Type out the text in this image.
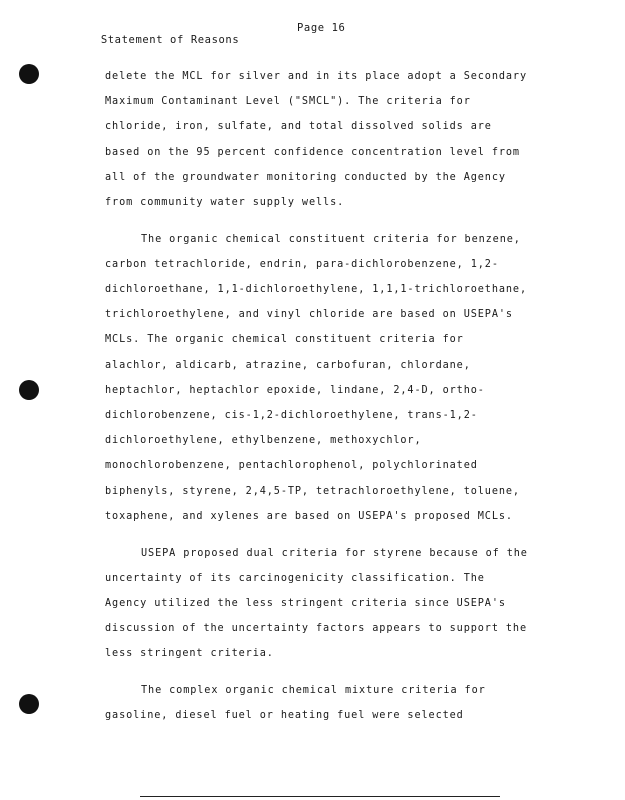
Statement of Reasons

Page 16

delete the MCL for silver and in its place adopt a Secondary
Maximum Contaminant Level ("SMCL"). The criteria for
chloride, iron, sulfate, and total dissolved solids are
based on the 95 percent confidence concentration level from
all of the groundwater monitoring conducted by the Agency
from community water supply wells.
The organic chemical constituent criteria for benzene,
carbon tetrachloride, endrin, para-dichlorobenzene, 1,2-
dichloroethane, 1,1-dichloroethylene, 1,1,1-trichloroethane,
trichloroethylene, and vinyl chloride are based on USEPA's
MCLs. The organic chemical constituent criteria for
alachlor, aldicarb, atrazine, carbofuran, chlordane,
heptachlor, heptachlor epoxide, lindane, 2,4-D, ortho-
dichlorobenzene, cis-1,2-dichloroethylene, trans-1,2-
dichloroethylene, ethylbenzene, methoxychlor,
monochlorobenzene, pentachlorophenol, polychlorinated
biphenyls, styrene, 2,4,5-TP, tetrachloroethylene, toluene,
toxaphene, and xylenes are based on USEPA's proposed MCLs.
USEPA proposed dual criteria for styrene because of the
uncertainty of its carcinogenicity classification. The
Agency utilized the less stringent criteria since USEPA's
discussion of the uncertainty factors appears to support the
less stringent criteria.
The complex organic chemical mixture criteria for
gasoline, diesel fuel or heating fuel were selected
